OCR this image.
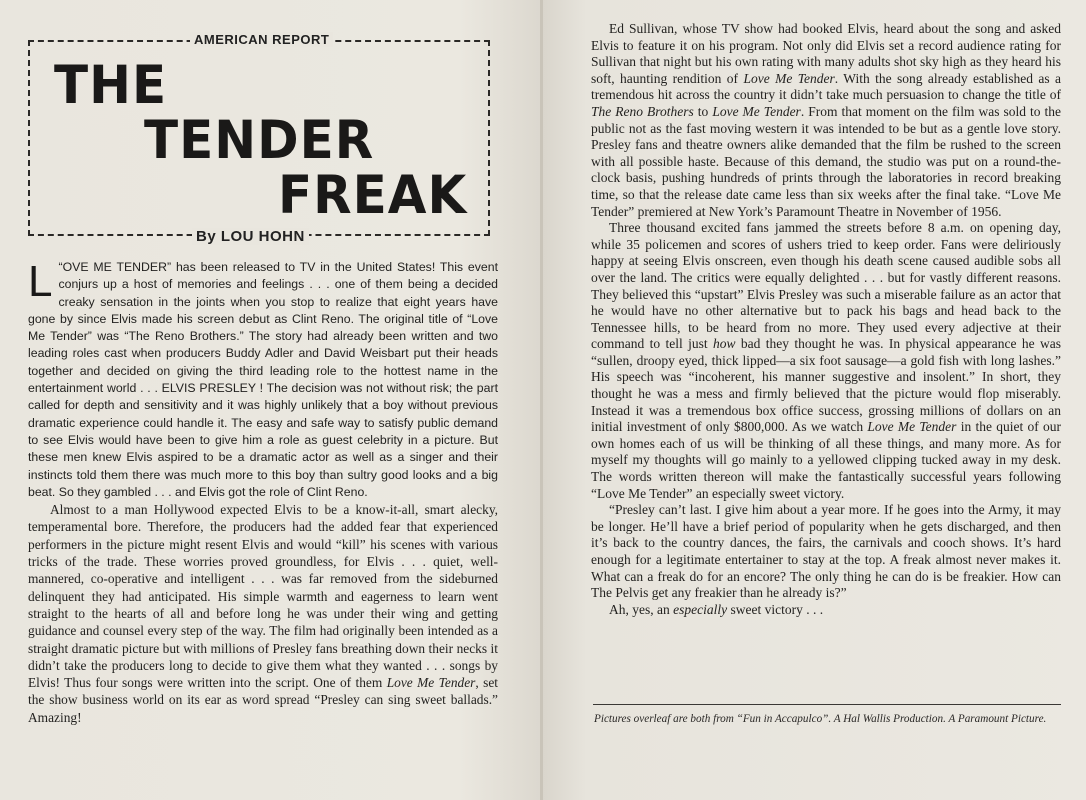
AMERICAN REPORT
THE
TENDER
FREAK
By LOU HOHN

“
L OVE ME TENDER” has been released to TV in the United States! This event conjurs up a host of memories and feelings . . . one of them being a decided creaky sensation in the joints when you stop to realize that eight years have gone by since Elvis made his screen debut as Clint Reno. The original title of “Love Me Tender” was “The Reno Brothers.” The story had already been written and two leading roles cast when producers Buddy Adler and David Weisbart put their heads together and decided on giving the third leading role to the hottest name in the entertainment world . . . ELVIS PRESLEY ! The decision was not without risk; the part called for depth and sensitivity and it was highly unlikely that a boy without previous dramatic experience could handle it. The easy and safe way to satisfy public demand to see Elvis would have been to give him a role as guest celebrity in a picture. But these men knew Elvis aspired to be a dramatic actor as well as a singer and their instincts told them there was much more to this boy than sultry good looks and a big beat. So they gambled . . . and Elvis got the role of Clint Reno.

Almost to a man Hollywood expected Elvis to be a know-it-all, smart alecky, temperamental bore. Therefore, the producers had the added fear that experienced performers in the picture might resent Elvis and would “kill” his scenes with various tricks of the trade. These worries proved groundless, for Elvis . . . quiet, well-mannered, co-operative and intelligent . . . was far removed from the sideburned delinquent they had anticipated. His simple warmth and eagerness to learn went straight to the hearts of all and before long he was under their wing and getting guidance and counsel every step of the way. The film had originally been intended as a straight dramatic picture but with millions of Presley fans breathing down their necks it didn’t take the producers long to decide to give them what they wanted . . . songs by Elvis! Thus four songs were written into the script. One of them Love Me Tender, set the show business world on its ear as word spread “Presley can sing sweet ballads.” Amazing!

Ed Sullivan, whose TV show had booked Elvis, heard about the song and asked Elvis to feature it on his program. Not only did Elvis set a record audience rating for Sullivan that night but his own rating with many adults shot sky high as they heard his soft, haunting rendition of Love Me Tender. With the song already established as a tremendous hit across the country it didn’t take much persuasion to change the title of The Reno Brothers to Love Me Tender. From that moment on the film was sold to the public not as the fast moving western it was intended to be but as a gentle love story. Presley fans and theatre owners alike demanded that the film be rushed to the screen with all possible haste. Because of this demand, the studio was put on a round-the-clock basis, pushing hundreds of prints through the laboratories in record breaking time, so that the release date came less than six weeks after the final take. “Love Me Tender” premiered at New York’s Paramount Theatre in November of 1956.

Three thousand excited fans jammed the streets before 8 a.m. on opening day, while 35 policemen and scores of ushers tried to keep order. Fans were deliriously happy at seeing Elvis onscreen, even though his death scene caused audible sobs all over the land. The critics were equally delighted . . . but for vastly different reasons. They believed this “upstart” Elvis Presley was such a miserable failure as an actor that he would have no other alternative but to pack his bags and head back to the Tennessee hills, to be heard from no more. They used every adjective at their command to tell just how bad they thought he was. In physical appearance he was “sullen, droopy eyed, thick lipped—a six foot sausage—a gold fish with long lashes.” His speech was “incoherent, his manner suggestive and insolent.” In short, they thought he was a mess and firmly believed that the picture would flop miserably. Instead it was a tremendous box office success, grossing millions of dollars on an initial investment of only $800,000. As we watch Love Me Tender in the quiet of our own homes each of us will be thinking of all these things, and many more. As for myself my thoughts will go mainly to a yellowed clipping tucked away in my desk. The words written thereon will make the fantastically successful years following “Love Me Tender” an especially sweet victory.

“Presley can’t last. I give him about a year more. If he goes into the Army, it may be longer. He’ll have a brief period of popularity when he gets discharged, and then it’s back to the country dances, the fairs, the carnivals and cooch shows. It’s hard enough for a legitimate entertainer to stay at the top. A freak almost never makes it. What can a freak do for an encore? The only thing he can do is be freakier. How can The Pelvis get any freakier than he already is?”

Ah, yes, an especially sweet victory . . .

Pictures overleaf are both from “Fun in Accapulco”. A Hal Wallis Production. A Paramount Picture.
